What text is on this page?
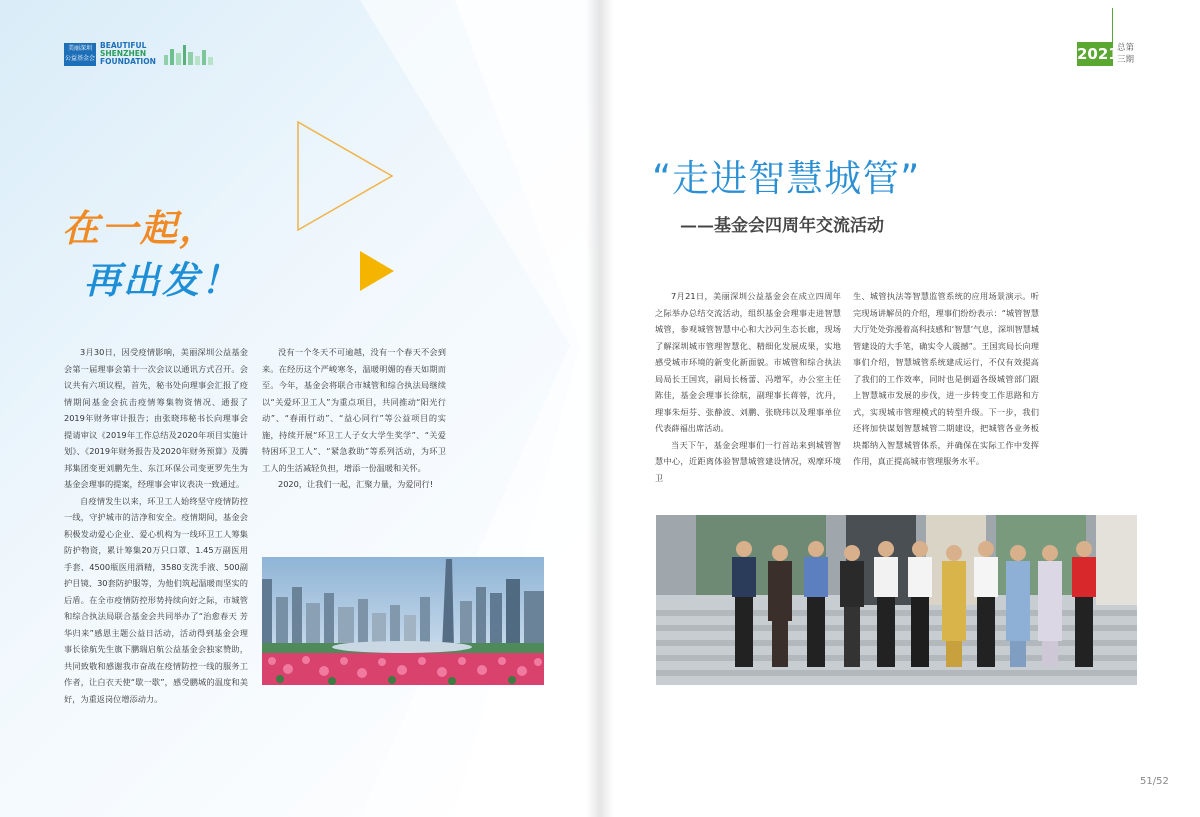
美丽深圳
公益基金会
BEAUTIFUL
SHENZHEN
FOUNDATION
在一起，
再出发！

3月30日，因受疫情影响，美丽深圳公益基金会第一届理事会第十一次会议以通讯方式召开。会议共有六项议程，首先，秘书处向理事会汇报了疫情期间基金会抗击疫情筹集物资情况、通报了2019年财务审计报告；由张晓玮秘书长向理事会提请审议《2019年工作总结及2020年项目实施计划》、《2019年财务报告及2020年财务预算》及腾邦集团变更刘鹏先生、东江环保公司变更罗先生为基金会理事的提案，经理事会审议表决一致通过。

自疫情发生以来，环卫工人始终坚守疫情防控一线，守护城市的洁净和安全。疫情期间，基金会积极发动爱心企业、爱心机构为一线环卫工人筹集防护物资，累计筹集20万只口罩、1.45万副医用手套、4500瓶医用酒精，3580支洗手液、500副护目镜、30套防护服等，为他们筑起温暖而坚实的后盾。在全市疫情防控形势持续向好之际，市城管和综合执法局联合基金会共同举办了“治愈春天 芳华归来”感恩主题公益日活动，活动得到基金会理事长徐航先生旗下鹏瑞启航公益基金会独家赞助，共同致敬和感谢我市奋战在疫情防控一线的服务工作者，让白衣天使“歇一歇”，感受鹏城的温度和美好，为重返岗位增添动力。

没有一个冬天不可逾越，没有一个春天不会到来。在经历这个严峻寒冬，温暖明媚的春天如期而至。今年，基金会将联合市城管和综合执法局继续以“关爱环卫工人”为重点项目，共同推动“阳光行动”、“春雨行动”、“益心同行”等公益项目的实施，持续开展“环卫工人子女大学生奖学”、“关爱特困环卫工人”、“紧急救助”等系列活动，为环卫工人的生活减轻负担，增添一份温暖和关怀。

2020，让我们一起，汇聚力量，为爱同行!

2021
总第
三期
“走进智慧城管”
——基金会四周年交流活动

7月21日，美丽深圳公益基金会在成立四周年之际举办总结交流活动，组织基金会理事走进智慧城管，参观城管智慧中心和大沙河生态长廊，现场了解深圳城市管理智慧化、精细化发展成果，实地感受城市环境的新变化新面貌。市城管和综合执法局局长王国宾，副局长杨蕾、冯增军，办公室主任陈佳，基金会理事长徐航，副理事长蒋蓉，沈丹，理事朱烜芬、张静波、刘鹏、张晓玮以及理事单位代表薛福出席活动。

当天下午，基金会理事们一行首站来到城管智慧中心，近距离体验智慧城管建设情况，观摩环境卫

生、城管执法等智慧监管系统的应用场景演示。听完现场讲解员的介绍，理事们纷纷表示：“城管智慧大厅处处弥漫着高科技感和‘智慧’气息，深圳智慧城管建设的大手笔，确实令人震撼”。王国宾局长向理事们介绍，智慧城管系统建成运行，不仅有效提高了我们的工作效率，同时也是倒逼各级城管部门跟上智慧城市发展的步伐，进一步转变工作思路和方式，实现城市管理模式的转型升级。下一步，我们还将加快谋划智慧城管二期建设，把城管各业务板块都纳入智慧城管体系，并确保在实际工作中发挥作用，真正提高城市管理服务水平。

51/52
